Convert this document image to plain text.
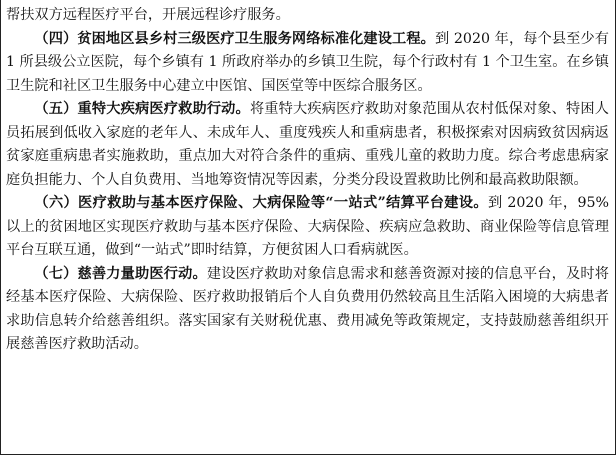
帮扶双方远程医疗平台，开展远程诊疗服务。

（四）贫困地区县乡村三级医疗卫生服务网络标准化建设工程。到 2020 年，每个县至少有 1 所县级公立医院，每个乡镇有 1 所政府举办的乡镇卫生院，每个行政村有 1 个卫生室。在乡镇卫生院和社区卫生服务中心建立中医馆、国医堂等中医综合服务区。

（五）重特大疾病医疗救助行动。将重特大疾病医疗救助对象范围从农村低保对象、特困人员拓展到低收入家庭的老年人、未成年人、重度残疾人和重病患者，积极探索对因病致贫因病返贫家庭重病患者实施救助，重点加大对符合条件的重病、重残儿童的救助力度。综合考虑患病家庭负担能力、个人自负费用、当地筹资情况等因素，分类分段设置救助比例和最高救助限额。

（六）医疗救助与基本医疗保险、大病保险等“一站式”结算平台建设。到 2020 年，95%以上的贫困地区实现医疗救助与基本医疗保险、大病保险、疾病应急救助、商业保险等信息管理平台互联互通，做到“一站式”即时结算，方便贫困人口看病就医。

（七）慈善力量助医行动。建设医疗救助对象信息需求和慈善资源对接的信息平台，及时将经基本医疗保险、大病保险、医疗救助报销后个人自负费用仍然较高且生活陷入困境的大病患者求助信息转介给慈善组织。落实国家有关财税优惠、费用减免等政策规定，支持鼓励慈善组织开展慈善医疗救助活动。
